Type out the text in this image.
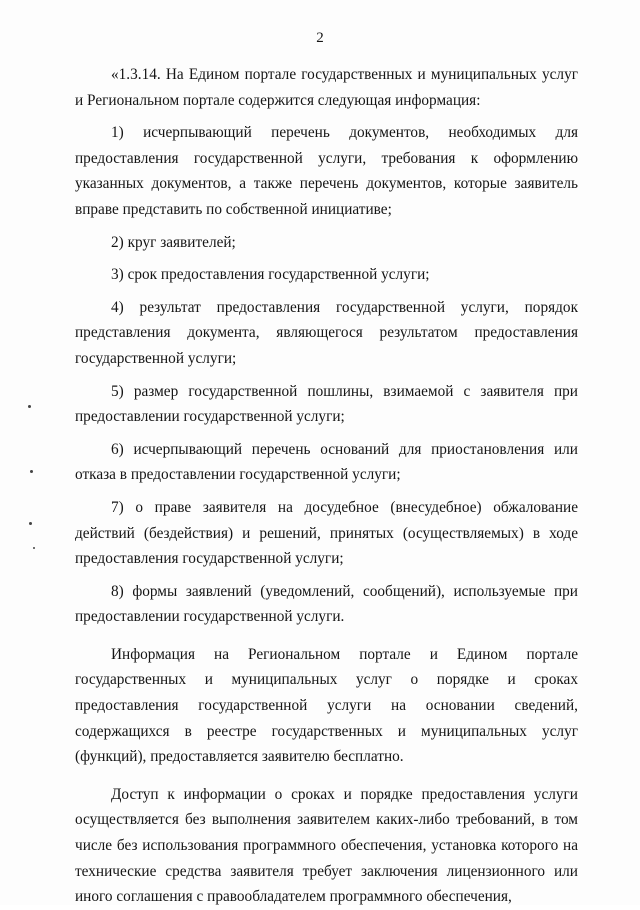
2

«1.3.14. На Едином портале государственных и муниципальных услуг и Региональном портале содержится следующая информация:

1) исчерпывающий перечень документов, необходимых для предоставления государственной услуги, требования к оформлению указанных документов, а также перечень документов, которые заявитель вправе представить по собственной инициативе;

2) круг заявителей;

3) срок предоставления государственной услуги;

4) результат предоставления государственной услуги, порядок представления документа, являющегося результатом предоставления государственной услуги;

5) размер государственной пошлины, взимаемой с заявителя при предоставлении государственной услуги;

6) исчерпывающий перечень оснований для приостановления или отказа в предоставлении государственной услуги;

7) о праве заявителя на досудебное (внесудебное) обжалование действий (бездействия) и решений, принятых (осуществляемых) в ходе предоставления государственной услуги;

8) формы заявлений (уведомлений, сообщений), используемые при предоставлении государственной услуги.

Информация на Региональном портале и Едином портале государственных и муниципальных услуг о порядке и сроках предоставления государственной услуги на основании сведений, содержащихся в реестре государственных и муниципальных услуг (функций), предоставляется заявителю бесплатно.

Доступ к информации о сроках и порядке предоставления услуги осуществляется без выполнения заявителем каких-либо требований, в том числе без использования программного обеспечения, установка которого на технические средства заявителя требует заключения лицензионного или иного соглашения с правообладателем программного обеспечения,
